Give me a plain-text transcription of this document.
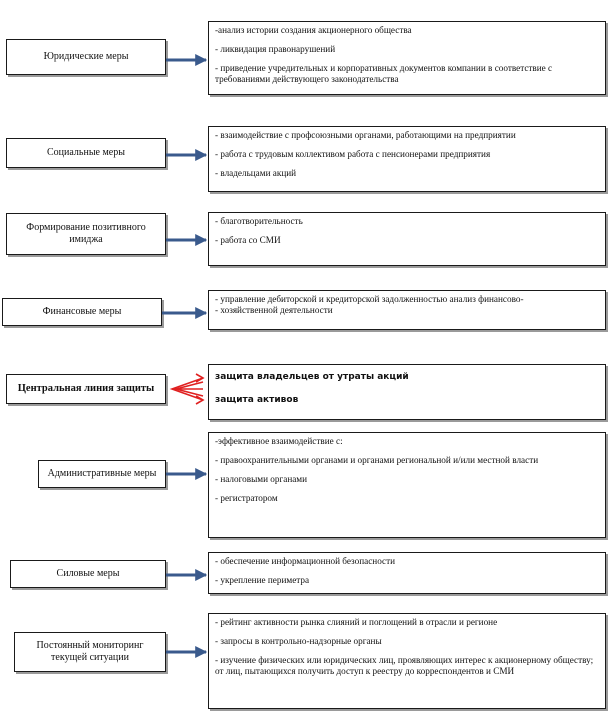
Юридические меры
-анализ истории создания акционерного общества
- ликвидация правонарушений
- приведение учредительных и корпоративных документов компании в соответствие с требованиями действующего законодательства
Социальные меры
- взаимодействие с профсоюзными органами, работающими на предприятии
- работа с трудовым коллективом работа с пенсионерами предприятия
- владельцами акций
Формирование позитивного имиджа
- благотворительность
- работа со СМИ
Финансовые меры
- управление дебиторской и кредиторской задолженностью анализ финансово-
- хозяйственной деятельности
Центральная линия защиты
защита владельцев от утраты акций
защита активов
Административные меры
-эффективное взаимодействие с:
- правоохранительными органами и органами региональной и/или местной власти
- налоговыми органами
- регистратором
Силовые меры
- обеспечение информационной безопасности
- укрепление периметра
Постоянный мониторинг текущей ситуации
- рейтинг активности рынка слияний и поглощений в отрасли и регионе
- запросы в контрольно-надзорные органы
- изучение физических или юридических лиц, проявляющих интерес к акционерному обществу; от лиц, пытающихся получить доступ к реестру до корреспондентов и СМИ
